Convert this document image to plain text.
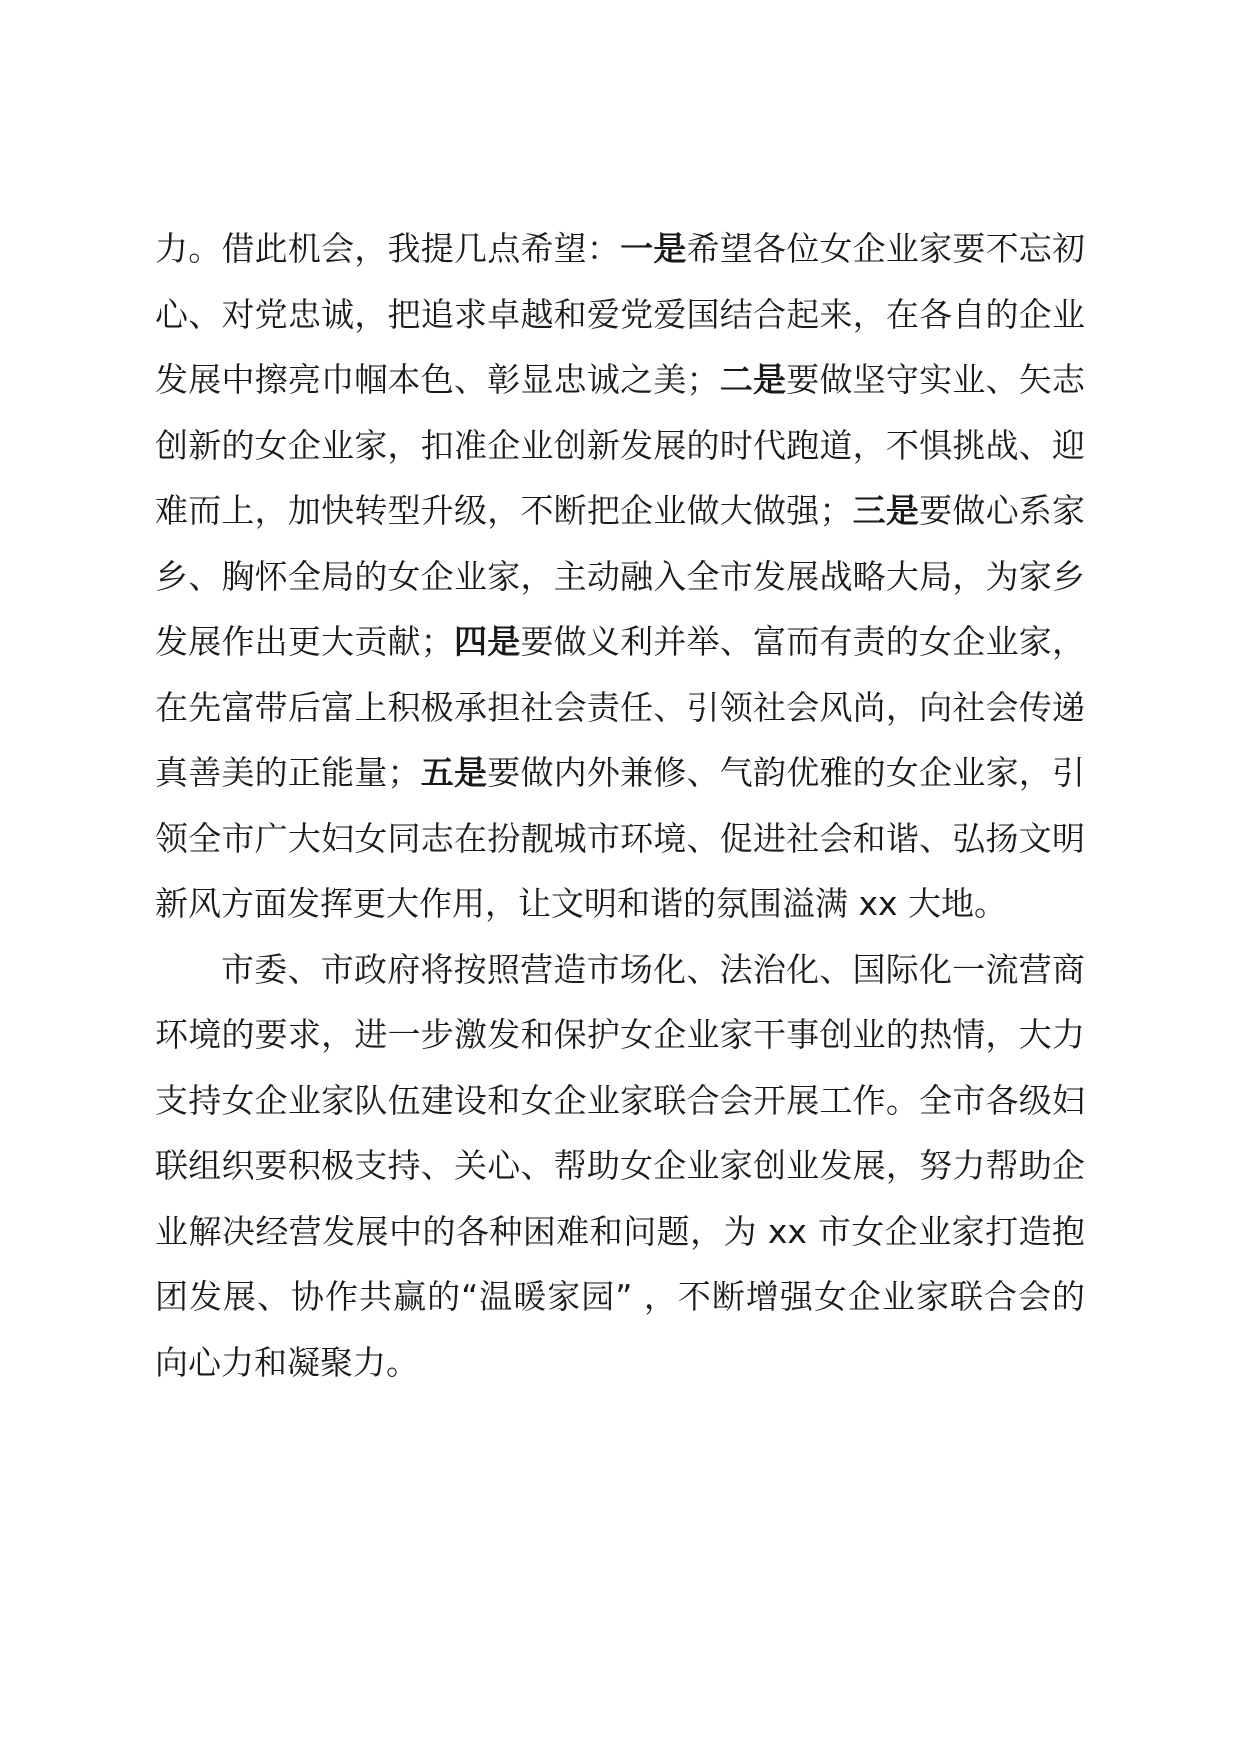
力。借此机会，我提几点希望：一是希望各位女企业家要不忘初心、对党忠诚，把追求卓越和爱党爱国结合起来，在各自的企业发展中擦亮巾帼本色、彰显忠诚之美；二是要做坚守实业、矢志创新的女企业家，扣准企业创新发展的时代跑道，不惧挑战、迎难而上，加快转型升级，不断把企业做大做强；三是要做心系家乡、胸怀全局的女企业家，主动融入全市发展战略大局，为家乡发展作出更大贡献；四是要做义利并举、富而有责的女企业家，在先富带后富上积极承担社会责任、引领社会风尚，向社会传递真善美的正能量；五是要做内外兼修、气韵优雅的女企业家，引领全市广大妇女同志在扮靓城市环境、促进社会和谐、弘扬文明新风方面发挥更大作用，让文明和谐的氛围溢满 xx 大地。

市委、市政府将按照营造市场化、法治化、国际化一流营商环境的要求，进一步激发和保护女企业家干事创业的热情，大力支持女企业家队伍建设和女企业家联合会开展工作。全市各级妇联组织要积极支持、关心、帮助女企业家创业发展，努力帮助企业解决经营发展中的各种困难和问题，为 xx 市女企业家打造抱团发展、协作共赢的“温暖家园” ，不断增强女企业家联合会的向心力和凝聚力。
